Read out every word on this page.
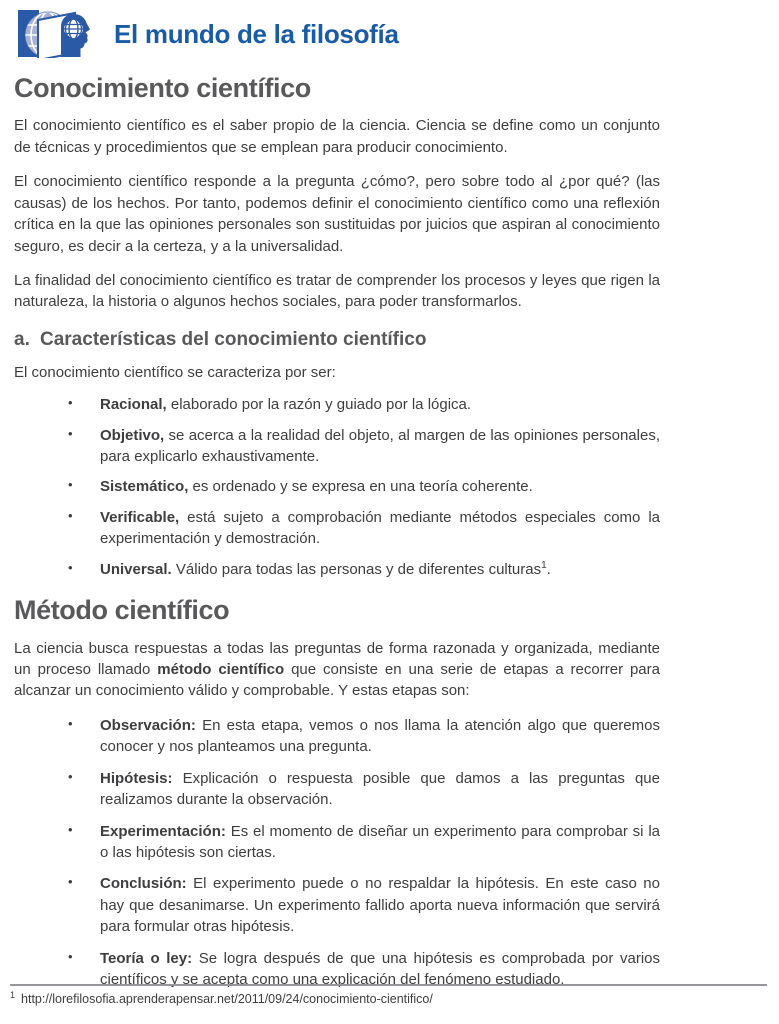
El mundo de la filosofía
Conocimiento científico

El conocimiento científico es el saber propio de la ciencia. Ciencia se define como un conjunto de técnicas y procedimientos que se emplean para producir conocimiento.

El conocimiento científico responde a la pregunta ¿cómo?, pero sobre todo al ¿por qué? (las causas) de los hechos. Por tanto, podemos definir el conocimiento científico como una reflexión crítica en la que las opiniones personales son sustituidas por juicios que aspiran al conocimiento seguro, es decir a la certeza, y a la universalidad.

La finalidad del conocimiento científico es tratar de comprender los procesos y leyes que rigen la naturaleza, la historia o algunos hechos sociales, para poder transformarlos.

a. Características del conocimiento científico

El conocimiento científico se caracteriza por ser:

• Racional, elaborado por la razón y guiado por la lógica.
• Objetivo, se acerca a la realidad del objeto, al margen de las opiniones personales, para explicarlo exhaustivamente.
• Sistemático, es ordenado y se expresa en una teoría coherente.
• Verificable, está sujeto a comprobación mediante métodos especiales como la experimentación y demostración.
• Universal. Válido para todas las personas y de diferentes culturas$^1$.
Método científico

La ciencia busca respuestas a todas las preguntas de forma razonada y organizada, mediante un proceso llamado método científico que consiste en una serie de etapas a recorrer para alcanzar un conocimiento válido y comprobable. Y estas etapas son:

• Observación: En esta etapa, vemos o nos llama la atención algo que queremos conocer y nos planteamos una pregunta.
• Hipótesis: Explicación o respuesta posible que damos a las preguntas que realizamos durante la observación.
• Experimentación: Es el momento de diseñar un experimento para comprobar si la o las hipótesis son ciertas.
• Conclusión: El experimento puede o no respaldar la hipótesis. En este caso no hay que desanimarse. Un experimento fallido aporta nueva información que servirá para formular otras hipótesis.
• Teoría o ley: Se logra después de que una hipótesis es comprobada por varios científicos y se acepta como una explicación del fenómeno estudiado.
$^1$ http://lorefilosofia.aprenderapensar.net/2011/09/24/conocimiento-cientifico/
